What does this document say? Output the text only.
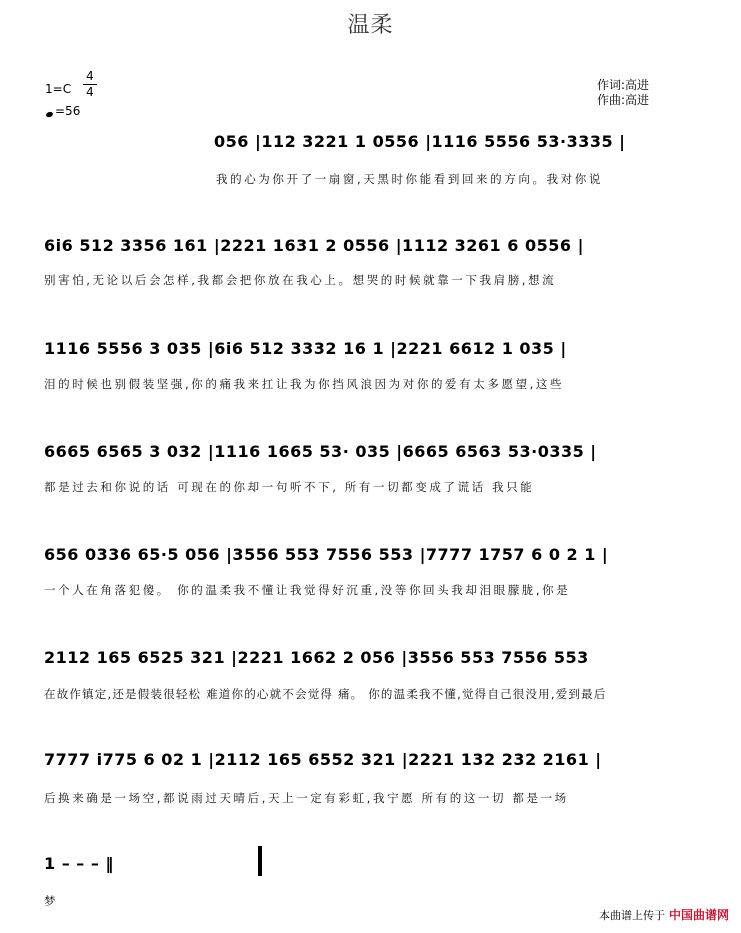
温柔
1=C
4
4
=56
作词:高进
作曲:高进
056 |112 3221 1 0556 |1116 5556 53·3335 |
我的心为你开了一扇窗,天黑时你能看到回来的方向。我对你说
6i6 512 3356 161 |2221 1631 2 0556 |1112 3261 6 0556 |
别害怕,无论以后会怎样,我都会把你放在我心上。想哭的时候就靠一下我肩膀,想流
1116 5556 3 035 |6i6 512 3332 16 1 |2221 6612 1 035 |
泪的时候也别假装坚强,你的痛我来扛让我为你挡风浪因为对你的爱有太多愿望,这些
6665 6565 3 032 |1116 1665 53· 035 |6665 6563 53·0335 |
都是过去和你说的话 可现在的你却一句听不下, 所有一切都变成了谎话 我只能
656 0336 65·5 056 |3556 553 7556 553 |7777 1757 6 0 2 1 |
一个人在角落犯傻。 你的温柔我不懂让我觉得好沉重,没等你回头我却泪眼朦胧,你是
2112 165 6525 321 |2221 1662 2 056 |3556 553 7556 553
在故作镇定,还是假装很轻松 难道你的心就不会觉得 痛。 你的温柔我不懂,觉得自己很没用,爱到最后
7777 i775 6 02 1 |2112 165 6552 321 |2221 132 232 2161 |
后换来确是一场空,都说雨过天晴后,天上一定有彩虹,我宁愿 所有的这一切 都是一场
1 – – – ‖
梦
本曲谱上传于 中国曲谱网
